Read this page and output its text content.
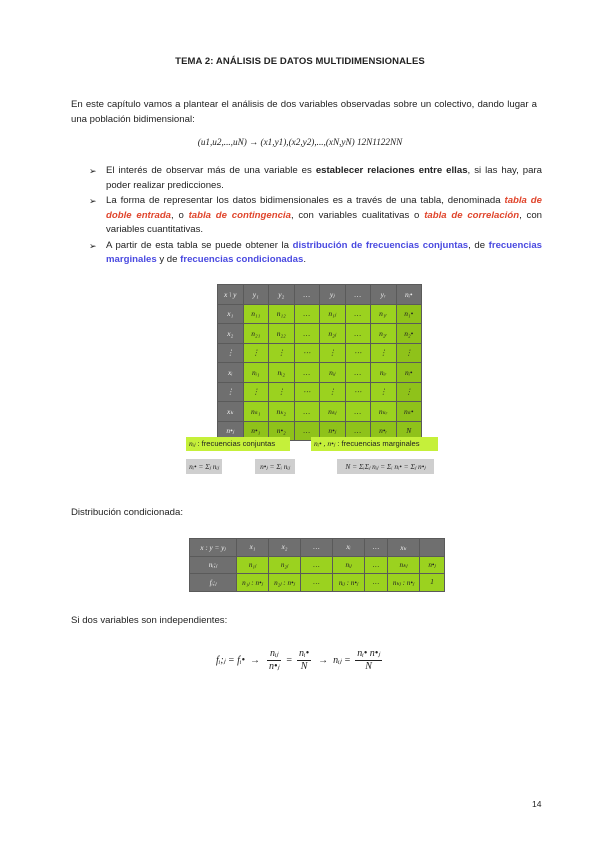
TEMA 2: ANÁLISIS DE DATOS MULTIDIMENSIONALES
En este capítulo vamos a plantear el análisis de dos variables observadas sobre un colectivo, dando lugar a una población bidimensional:
(u1,u2,...,uN) → (x1,y1),(x2,y2),...,(xN,yN) 12N1122NN
➢ El interés de observar más de una variable es establecer relaciones entre ellas, si las hay, para poder realizar predicciones.
➢ La forma de representar los datos bidimensionales es a través de una tabla, denominada tabla de doble entrada, o tabla de contingencia, con variables cualitativas o tabla de correlación, con variables cuantitativas.
➢ A partir de esta tabla se puede obtener la distribución de frecuencias conjuntas, de frecuencias marginales y de frecuencias condicionadas.
x \ y	y₁	y₂	…	yⱼ	…	yᵣ	nᵢ•
x₁	n₁₁	n₁₂	…	n₁ⱼ	…	n₁ᵣ	n₁•
x₂	n₂₁	n₂₂	…	n₂ⱼ	…	n₂ᵣ	n₂•
⋮	⋮	⋮	⋯	⋮	⋯	⋮	⋮
xᵢ	nᵢ₁	nᵢ₂	…	nᵢⱼ	…	nᵢᵣ	nᵢ•
⋮	⋮	⋮	⋯	⋮	⋯	⋮	⋮
xₖ	nₖ₁	nₖ₂	…	nₖⱼ	…	nₖᵣ	nₖ•
n•ⱼ	n•₁	n•₂	…	n•ⱼ	…	n•ᵣ	N
nᵢⱼ : frecuencias conjuntas	nᵢ• , n•ⱼ : frecuencias marginales
nᵢ• = Σⱼ nᵢⱼ	n•ⱼ = Σᵢ nᵢⱼ	N = ΣᵢΣⱼ nᵢⱼ = Σᵢ nᵢ• = Σⱼ n•ⱼ
Distribución condicionada:
x : y = yⱼ	x₁	x₂	…	xᵢ	…	xₖ	
nᵢ;ⱼ	n₁ⱼ	n₂ⱼ	…	nᵢⱼ	…	nₖⱼ	n•ⱼ
fᵢ;ⱼ	n₁ⱼ : n•ⱼ	n₂ⱼ : n•ⱼ	…	nᵢⱼ : n•ⱼ	…	nₖⱼ : n•ⱼ	1
Si dos variables son independientes:
fᵢ;ⱼ = fᵢ• → $\frac{\text{nᵢⱼ}}{\text{n•ⱼ}} = \frac{\text{nᵢ•}}{N}$ → nᵢⱼ = $\frac{\text{nᵢ• n•ⱼ}}{N}$
14
